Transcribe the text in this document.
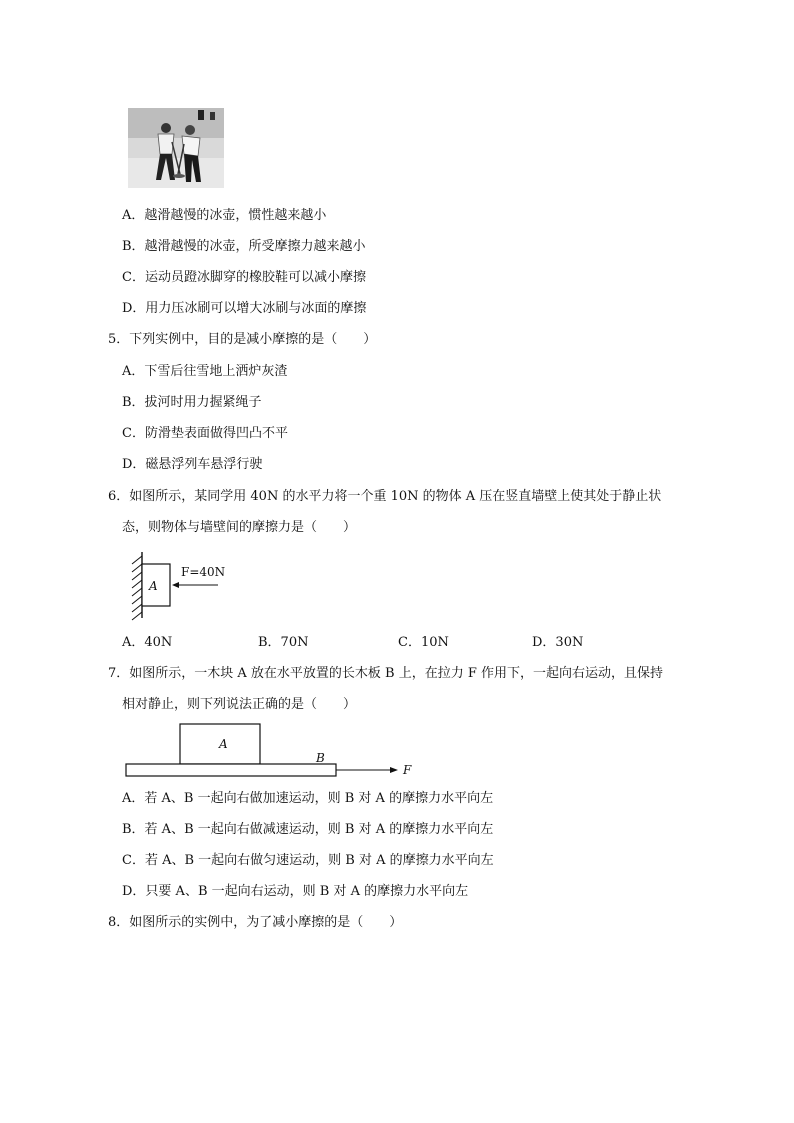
A．越滑越慢的冰壶，惯性越来越小
B．越滑越慢的冰壶，所受摩擦力越来越小
C．运动员蹬冰脚穿的橡胶鞋可以减小摩擦
D．用力压冰刷可以增大冰刷与冰面的摩擦
5．下列实例中，目的是减小摩擦的是（　　）
A．下雪后往雪地上洒炉灰渣
B．拔河时用力握紧绳子
C．防滑垫表面做得凹凸不平
D．磁悬浮列车悬浮行驶
6．如图所示，某同学用 40N 的水平力将一个重 10N 的物体 A 压在竖直墙壁上使其处于静止状
态，则物体与墙壁间的摩擦力是（　　）
A
F=40N
A．40N	B．70N	C．10N	D．30N
7．如图所示，一木块 A 放在水平放置的长木板 B 上，在拉力 F 作用下，一起向右运动，且保持
相对静止，则下列说法正确的是（　　）
A
B
F
A．若 A、B 一起向右做加速运动，则 B 对 A 的摩擦力水平向左
B．若 A、B 一起向右做减速运动，则 B 对 A 的摩擦力水平向左
C．若 A、B 一起向右做匀速运动，则 B 对 A 的摩擦力水平向左
D．只要 A、B 一起向右运动，则 B 对 A 的摩擦力水平向左
8．如图所示的实例中，为了减小摩擦的是（　　）
